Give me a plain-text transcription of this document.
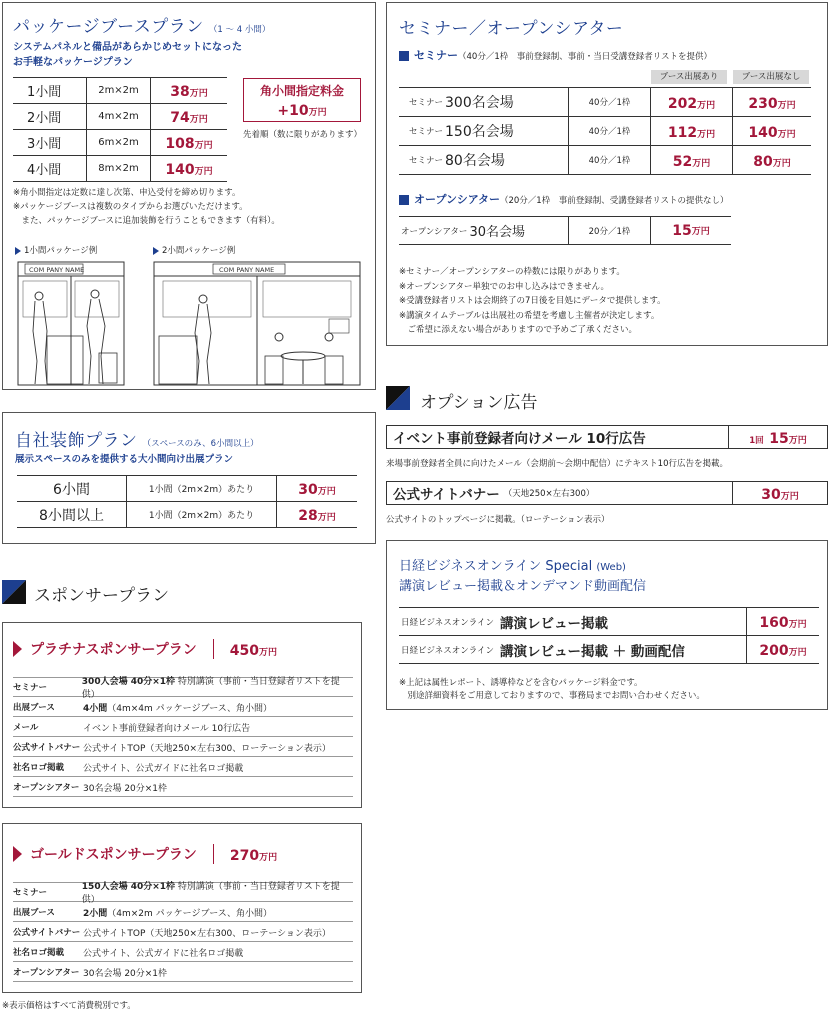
パッケージブースプラン （1 ～ 4 小間）
システムパネルと備品があらかじめセットになった
お手軽なパッケージプラン
1小間	2m×2m 38万円
2小間	4m×2m 74万円
3小間	6m×2m 108万円
4小間	8m×2m 140万円
角小間指定料金
+10万円
先着順（数に限りがあります）
※角小間指定は定数に達し次第、申込受付を締め切ります。
※パッケージブースは複数のタイプからお選びいただけます。
　また、パッケージブースに追加装飾を行うこともできます（有料）。
1小間パッケージ例	2小間パッケージ例
COM PANY NAME	COM PANY NAME
自社装飾プラン （スペースのみ、6小間以上）
展示スペースのみを提供する大小間向け出展プラン
6小間	1小間（2m×2m）あたり	30万円
8小間以上	1小間（2m×2m）あたり	28万円
スポンサープラン
プラチナスポンサープラン 450万円
セミナー
300人会場 40分×1枠 特別講演（事前・当日登録者リストを提供）
出展ブース	4小間（4m×4m パッケージブース、角小間）
メール	イベント事前登録者向けメール 10行広告
公式サイトバナー 公式サイトTOP（天地250×左右300、ローテーション表示）
社名ロゴ掲載	公式サイト、公式ガイドに社名ロゴ掲載
オープンシアター 30名会場 20分×1枠
ゴールドスポンサープラン 270万円
セミナー
150人会場 40分×1枠 特別講演（事前・当日登録者リストを提供）
出展ブース	2小間（4m×2m パッケージブース、角小間）
公式サイトバナー 公式サイトTOP（天地250×左右300、ローテーション表示）
社名ロゴ掲載	公式サイト、公式ガイドに社名ロゴ掲載
オープンシアター 30名会場 20分×1枠
※表示価格はすべて消費税別です。
セミナー／オープンシアター
セミナー（40分／1枠　事前登録制、事前・当日受講登録者リストを提供）
ブース出展あり	ブース出展なし
セミナー 300名会場	40分／1枠	202万円 230万円
セミナー 150名会場	40分／1枠	112万円 140万円
セミナー 80名会場	40分／1枠	52万円	80万円
オープンシアター（20分／1枠　事前登録制、受講登録者リストの提供なし）
オープンシアター 30名会場	20分／1枠	15 万円
※セミナー／オープンシアターの枠数には限りがあります。
※オープンシアター単独でのお申し込みはできません。
※受講登録者リストは会期終了の7日後を目処にデータで提供します。
※講演タイムテーブルは出展社の希望を考慮し主催者が決定します。
　ご希望に添えない場合がありますので予めご了承ください。
オプション広告
イベント事前登録者向けメール 10行広告	1回 15万円
来場事前登録者全員に向けたメール（会期前～会期中配信）にテキスト10行広告を掲載。
公式サイトバナー （天地250×左右300）	30万円
公式サイトのトップページに掲載。（ローテーション表示）
日経ビジネスオンライン Special (Web)
講演レビュー掲載＆オンデマンド動画配信
日経ビジネスオンライン 講演レビュー掲載	160万円
日経ビジネスオンライン 講演レビュー掲載 ＋ 動画配信	200万円
※上記は属性レポート、誘導枠などを含むパッケージ料金です。
　別途詳細資料をご用意しておりますので、事務局までお問い合わせください。
